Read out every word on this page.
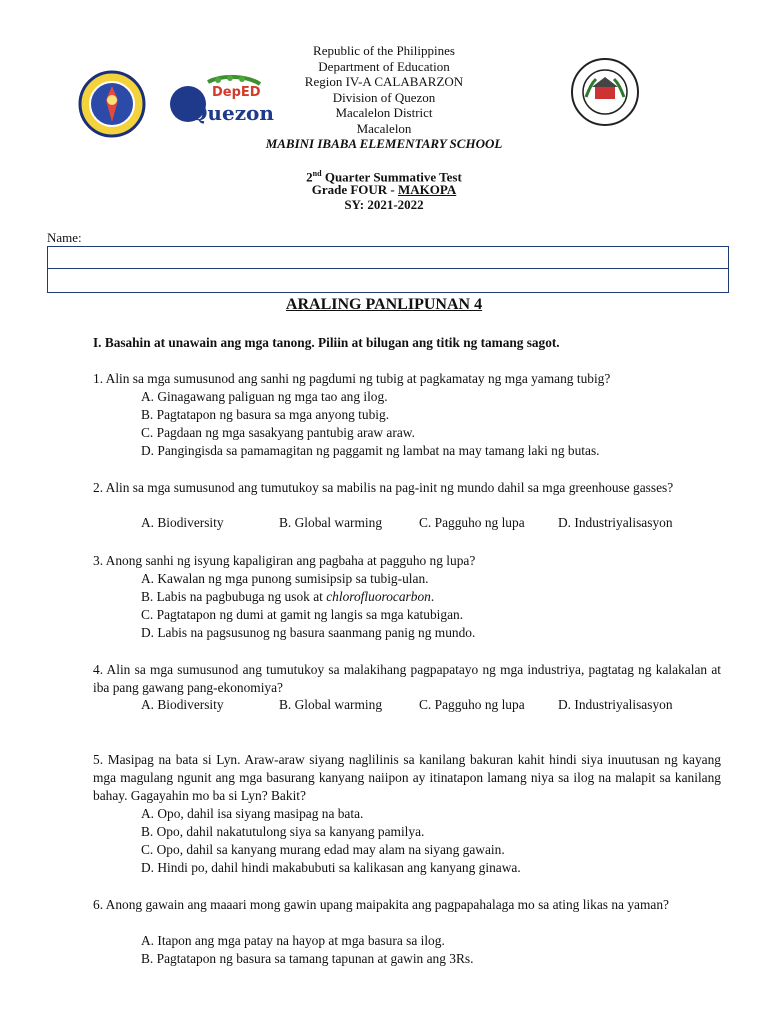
DepED
Quezon
Republic of the Philippines
Department of Education
Region IV-A CALABARZON
Division of Quezon
Macalelon District
Macalelon
MABINI IBABA ELEMENTARY SCHOOL
2nd Quarter Summative Test
Grade FOUR - MAKOPA
SY: 2021-2022
Name:
ARALING PANLIPUNAN 4
I. Basahin at unawain ang mga tanong. Piliin at bilugan ang titik ng tamang sagot.
1. Alin sa mga sumusunod ang sanhi ng pagdumi ng tubig at pagkamatay ng mga yamang tubig?
A. Ginagawang paliguan ng mga tao ang ilog.
B. Pagtatapon ng basura sa mga anyong tubig.
C. Pagdaan ng mga sasakyang pantubig araw araw.
D. Pangingisda sa pamamagitan ng paggamit ng lambat na may tamang laki ng butas.
2. Alin sa mga sumusunod ang tumutukoy sa mabilis na pag-init ng mundo dahil sa mga greenhouse gasses?
A. Biodiversity	B. Global warming	C. Pagguho ng lupa	D. Industriyalisasyon
3. Anong sanhi ng isyung kapaligiran ang pagbaha at pagguho ng lupa?
A. Kawalan ng mga punong sumisipsip sa tubig-ulan.
B. Labis na pagbubuga ng usok at chlorofluorocarbon.
C. Pagtatapon ng dumi at gamit ng langis sa mga katubigan.
D. Labis na pagsusunog ng basura saanmang panig ng mundo.
4. Alin sa mga sumusunod ang tumutukoy sa malakihang pagpapatayo ng mga industriya, pagtatag ng kalakalan at iba pang gawang pang-ekonomiya?
A. Biodiversity	B. Global warming	C. Pagguho ng lupa	D. Industriyalisasyon
5. Masipag na bata si Lyn. Araw-araw siyang naglilinis sa kanilang bakuran kahit hindi siya inuutusan ng kayang mga magulang ngunit ang mga basurang kanyang naiipon ay itinatapon lamang niya sa ilog na malapit sa kanilang bahay. Gagayahin mo ba si Lyn? Bakit?
A. Opo, dahil isa siyang masipag na bata.
B. Opo, dahil nakatutulong siya sa kanyang pamilya.
C. Opo, dahil sa kanyang murang edad may alam na siyang gawain.
D. Hindi po, dahil hindi makabubuti sa kalikasan ang kanyang ginawa.
6. Anong gawain ang maaari mong gawin upang maipakita ang pagpapahalaga mo sa ating likas na yaman?
A. Itapon ang mga patay na hayop at mga basura sa ilog.
B. Pagtatapon ng basura sa tamang tapunan at gawin ang 3Rs.
